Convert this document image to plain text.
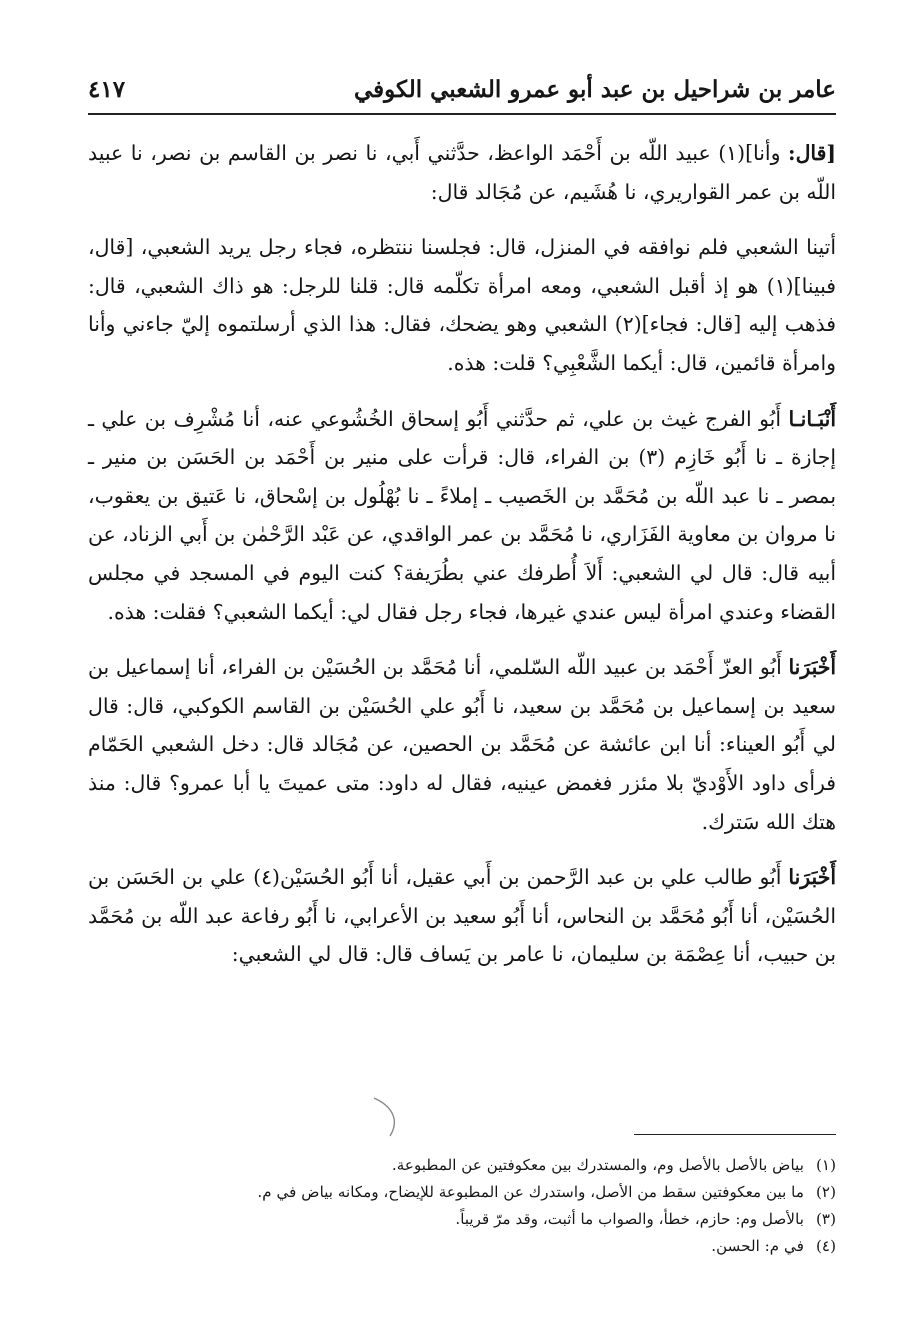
عامر بن شراحيل بن عبد أبو عمرو الشعبي الكوفي
٤١٧

[قال: وأنا](١) عبيد اللّه بن أَحْمَد الواعظ، حدَّثني أَبي، نا نصر بن القاسم بن نصر، نا عبيد اللّه بن عمر القواريري، نا هُشَيم، عن مُجَالد قال:

أتينا الشعبي فلم نوافقه في المنزل، قال: فجلسنا ننتظره، فجاء رجل يريد الشعبي، [قال، فبينا](١) هو إذ أقبل الشعبي، ومعه امرأة تكلّمه قال: قلنا للرجل: هو ذاك الشعبي، قال: فذهب إليه [قال: فجاء](٢) الشعبي وهو يضحك، فقال: هذا الذي أرسلتموه إليّ جاءني وأنا وامرأة قائمين، قال: أيكما الشَّعْبِي؟ قلت: هذه.

أَنْبَـانـا أَبُو الفرج غيث بن علي، ثم حدَّثني أَبُو إسحاق الخُشُوعي عنه، أنا مُشْرِف بن علي ـ إجازة ـ نا أَبُو خَازِم (٣) بن الفراء، قال: قرأت على منير بن أَحْمَد بن الحَسَن بن منير ـ بمصر ـ نا عبد اللّه بن مُحَمَّد بن الخَصيب ـ إملاءً ـ نا بُهْلُول بن إسْحاق، نا عَتيق بن يعقوب، نا مروان بن معاوية الفَزَاري، نا مُحَمَّد بن عمر الواقدي، عن عَبْد الرَّحْمٰن بن أَبي الزناد، عن أبيه قال: قال لي الشعبي: أَلاَ أُطرفك عني بطُرَيفة؟ كنت اليوم في المسجد في مجلس القضاء وعندي امرأة ليس عندي غيرها، فجاء رجل فقال لي: أيكما الشعبي؟ فقلت: هذه.

أَخْبَرَنا أَبُو العزّ أَحْمَد بن عبيد اللّه السّلمي، أنا مُحَمَّد بن الحُسَيْن بن الفراء، أنا إسماعيل بن سعيد بن إسماعيل بن مُحَمَّد بن سعيد، نا أَبُو علي الحُسَيْن بن القاسم الكوكبي، قال: قال لي أَبُو العيناء: أنا ابن عائشة عن مُحَمَّد بن الحصين، عن مُجَالد قال: دخل الشعبي الحَمّام فرأى داود الأَوْديّ بلا مئزر فغمض عينيه، فقال له داود: متى عميتَ يا أبا عمرو؟ قال: منذ هتك الله سَترك.

أَخْبَرَنا أَبُو طالب علي بن عبد الرَّحمن بن أَبي عقيل، أنا أَبُو الحُسَيْن(٤) علي بن الحَسَن بن الحُسَيْن، أنا أَبُو مُحَمَّد بن النحاس، أنا أَبُو سعيد بن الأعرابي، نا أَبُو رفاعة عبد اللّه بن مُحَمَّد بن حبيب، أنا عِصْمَة بن سليمان، نا عامر بن يَساف قال: قال لي الشعبي:

(١)بياض بالأصل بالأصل وم، والمستدرك بين معكوفتين عن المطبوعة.
(٢)ما بين معكوفتين سقط من الأصل، واستدرك عن المطبوعة للإيضاح، ومكانه بياض في م.
(٣)بالأصل وم: حازم، خطأ، والصواب ما أثبت، وقد مرّ قريباً.
(٤)في م: الحسن.
